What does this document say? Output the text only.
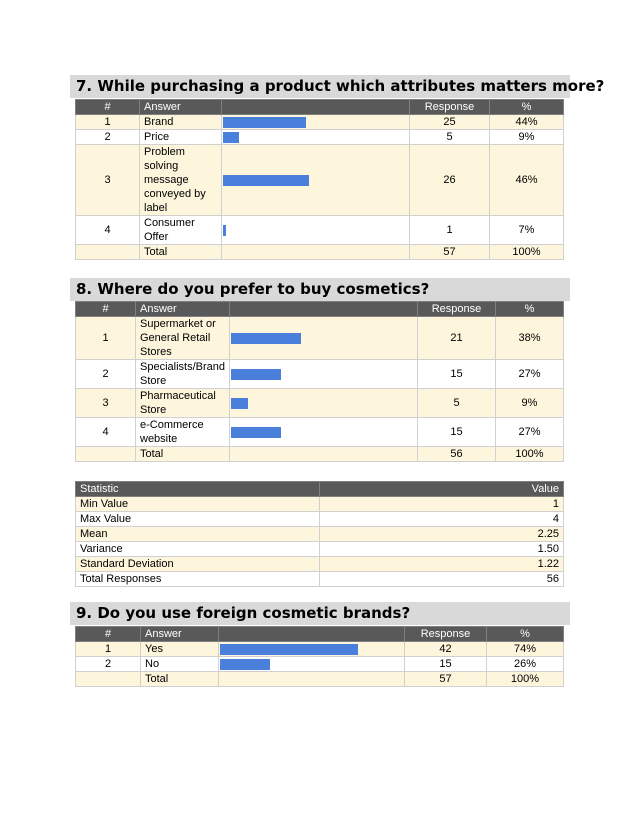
7. While purchasing a product which attributes matters more?
#	Answer		Response	%
1	Brand		25	44%
2	Price		5	9%
3	Problem solving message conveyed by label		26	46%
4	Consumer Offer		1	7%
	Total		57	100%
8. Where do you prefer to buy cosmetics?
#	Answer		Response	%
1	Supermarket or General Retail Stores		21	38%
2	Specialists/Brand Store		15	27%
3	Pharmaceutical Store		5	9%
4	e-Commerce website		15	27%
	Total		56	100%
Statistic	Value
Min Value	1
Max Value	4
Mean	2.25
Variance	1.50
Standard Deviation	1.22
Total Responses	56
9. Do you use foreign cosmetic brands?
#	Answer		Response	%
1	Yes		42	74%
2	No		15	26%
	Total		57	100%
